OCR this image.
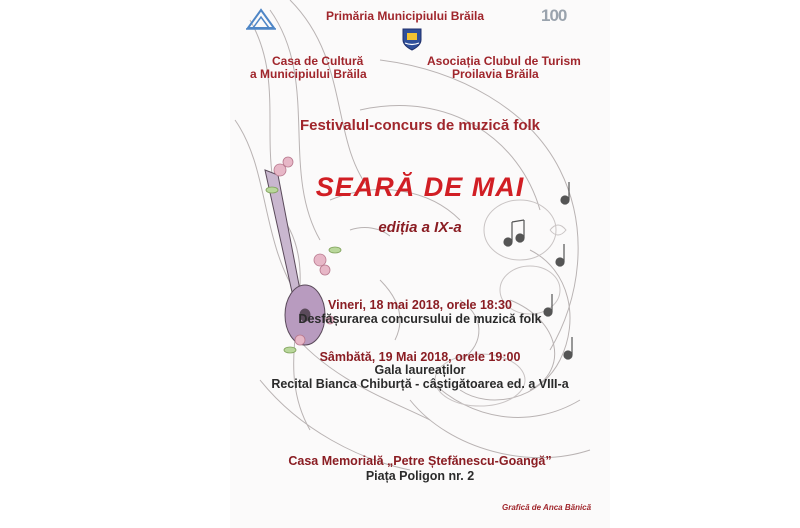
100
Primăria Municipiului Brăila
Casa de Cultură
a Municipiului Brăila
Asociația Clubul de Turism
Proilavia Brăila
Festivalul-concurs de muzică folk
SEARĂ DE MAI
ediția a IX-a
Vineri, 18 mai 2018, orele 18:30
Desfășurarea concursului de muzică folk
Sâmbătă, 19 Mai 2018, orele 19:00
Gala laureaților
Recital Bianca Chiburță - câștigătoarea ed. a VIII-a
Casa Memorială „Petre Ștefănescu-Goangă”
Piața Poligon nr. 2
Grafică de Anca Bănică
